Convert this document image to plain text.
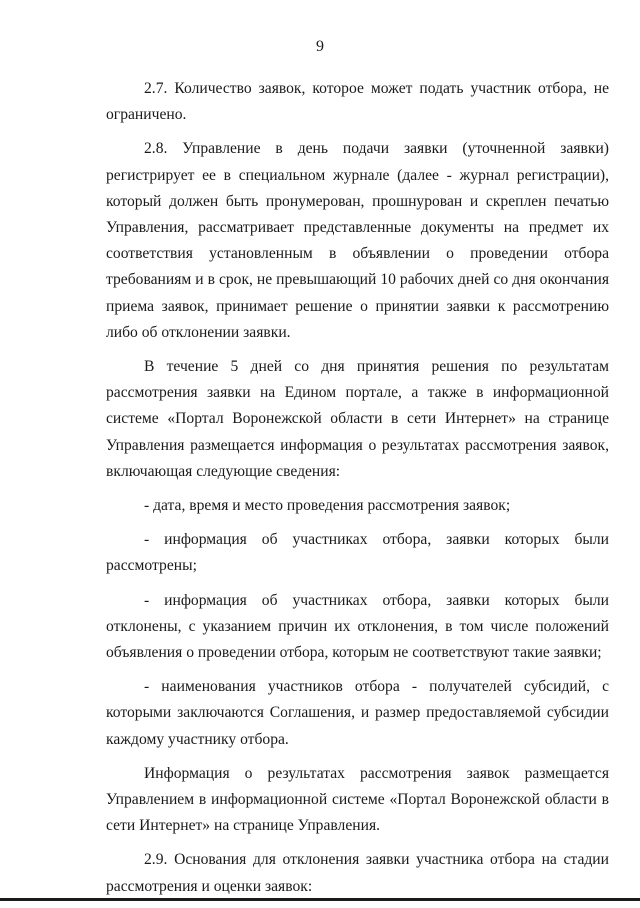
9

2.7. Количество заявок, которое может подать участник отбора, не ограничено.

2.8. Управление в день подачи заявки (уточненной заявки) регистрирует ее в специальном журнале (далее - журнал регистрации), который должен быть пронумерован, прошнурован и скреплен печатью Управления, рассматривает представленные документы на предмет их соответствия установленным в объявлении о проведении отбора требованиям и в срок, не превышающий 10 рабочих дней со дня окончания приема заявок, принимает решение о принятии заявки к рассмотрению либо об отклонении заявки.

В течение 5 дней со дня принятия решения по результатам рассмотрения заявки на Едином портале, а также в информационной системе «Портал Воронежской области в сети Интернет» на странице Управления размещается информация о результатах рассмотрения заявок, включающая следующие сведения:

- дата, время и место проведения рассмотрения заявок;

- информация об участниках отбора, заявки которых были рассмотрены;

- информация об участниках отбора, заявки которых были отклонены, с указанием причин их отклонения, в том числе положений объявления о проведении отбора, которым не соответствуют такие заявки;

- наименования участников отбора - получателей субсидий, с которыми заключаются Соглашения, и размер предоставляемой субсидии каждому участнику отбора.

Информация о результатах рассмотрения заявок размещается Управлением в информационной системе «Портал Воронежской области в сети Интернет» на странице Управления.

2.9. Основания для отклонения заявки участника отбора на стадии рассмотрения и оценки заявок:
